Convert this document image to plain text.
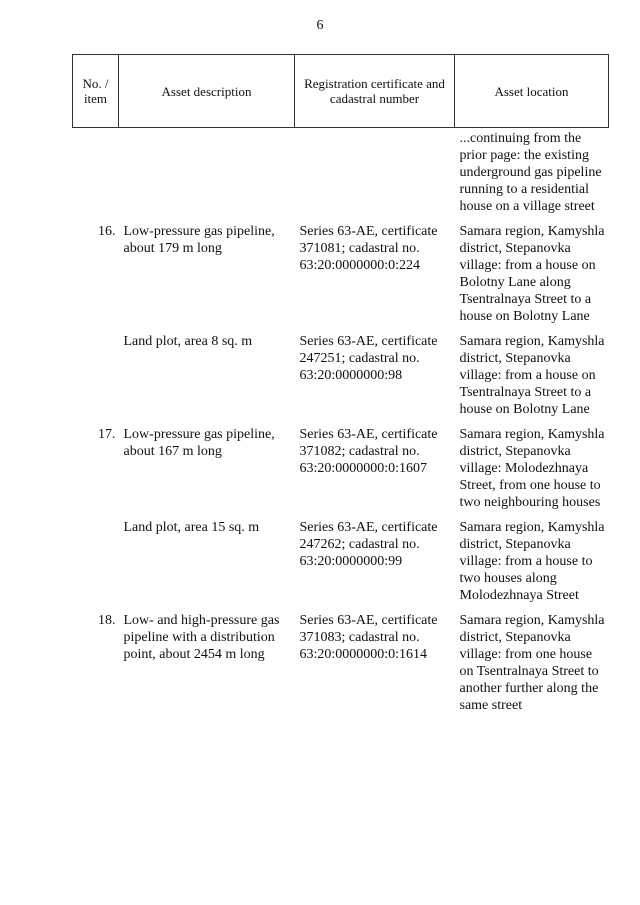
6
No. / item	Asset description	Registration certificate and cadastral number	Asset location
			...continuing from the prior page: the existing underground gas pipeline running to a residential house on a village street

16.	Low-pressure gas pipeline, about 179 m long	Series 63-AE, certificate 371081; cadastral no. 63:20:0000000:0:224	Samara region, Kamyshla district, Stepanovka village: from a house on Bolotny Lane along Tsentralnaya Street to a house on Bolotny Lane

	Land plot, area 8 sq. m	Series 63-AE, certificate 247251; cadastral no. 63:20:0000000:98	Samara region, Kamyshla district, Stepanovka village: from a house on Tsentralnaya Street to a house on Bolotny Lane

17.	Low-pressure gas pipeline, about 167 m long	Series 63-AE, certificate 371082; cadastral no. 63:20:0000000:0:1607	Samara region, Kamyshla district, Stepanovka village: Molodezhnaya Street, from one house to two neighbouring houses

	Land plot, area 15 sq. m	Series 63-AE, certificate 247262; cadastral no. 63:20:0000000:99	Samara region, Kamyshla district, Stepanovka village: from a house to two houses along Molodezhnaya Street

18.	Low- and high-pressure gas pipeline with a distribution point, about 2454 m long	Series 63-AE, certificate 371083; cadastral no. 63:20:0000000:0:1614	Samara region, Kamyshla district, Stepanovka village: from one house on Tsentralnaya Street to another further along the same street
